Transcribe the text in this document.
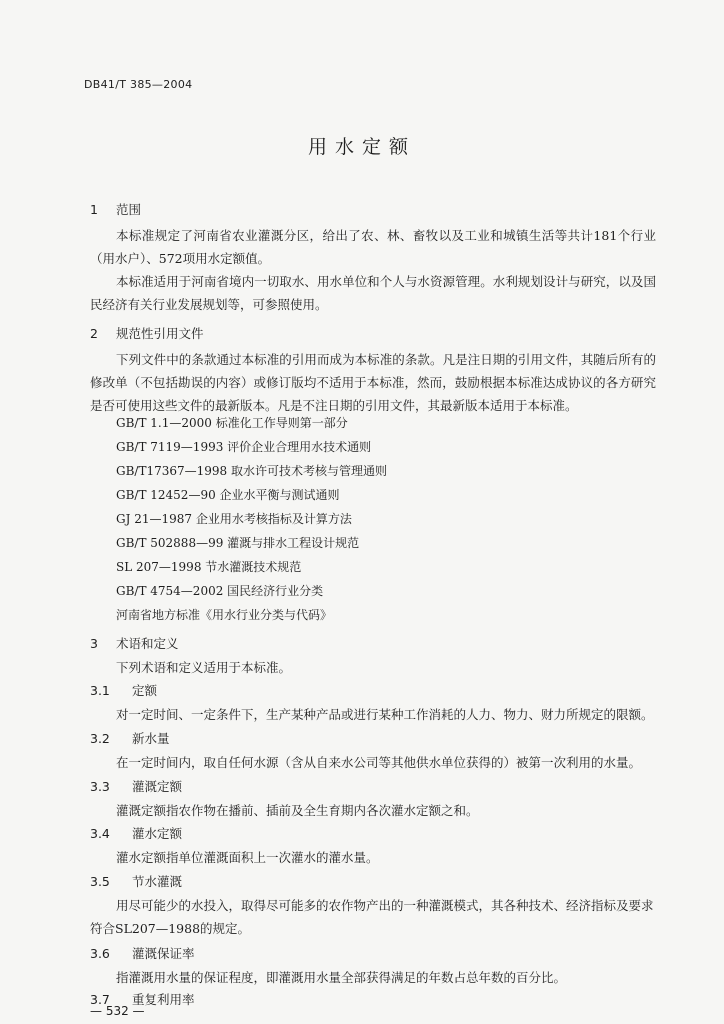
DB41/T 385—2004
用水定额
1 范围
本标准规定了河南省农业灌溉分区，给出了农、林、畜牧以及工业和城镇生活等共计181个行业（用水户）、572项用水定额值。
本标准适用于河南省境内一切取水、用水单位和个人与水资源管理。水利规划设计与研究，以及国民经济有关行业发展规划等，可参照使用。
2 规范性引用文件
下列文件中的条款通过本标准的引用而成为本标准的条款。凡是注日期的引用文件，其随后所有的修改单（不包括勘误的内容）或修订版均不适用于本标准，然而，鼓励根据本标准达成协议的各方研究是否可使用这些文件的最新版本。凡是不注日期的引用文件，其最新版本适用于本标准。
GB/T 1.1—2000 标准化工作导则第一部分
GB/T 7119—1993 评价企业合理用水技术通则
GB/T17367—1998 取水许可技术考核与管理通则
GB/T 12452—90 企业水平衡与测试通则
GJ 21—1987 企业用水考核指标及计算方法
GB/T 502888—99 灌溉与排水工程设计规范
SL 207—1998 节水灌溉技术规范
GB/T 4754—2002 国民经济行业分类
河南省地方标准《用水行业分类与代码》
3 术语和定义
下列术语和定义适用于本标准。
3.1 定额
对一定时间、一定条件下，生产某种产品或进行某种工作消耗的人力、物力、财力所规定的限额。
3.2 新水量
在一定时间内，取自任何水源（含从自来水公司等其他供水单位获得的）被第一次利用的水量。
3.3 灌溉定额
灌溉定额指农作物在播前、插前及全生育期内各次灌水定额之和。
3.4 灌水定额
灌水定额指单位灌溉面积上一次灌水的灌水量。
3.5 节水灌溉
用尽可能少的水投入，取得尽可能多的农作物产出的一种灌溉模式，其各种技术、经济指标及要求符合SL207—1988的规定。
3.6 灌溉保证率
指灌溉用水量的保证程度，即灌溉用水量全部获得满足的年数占总年数的百分比。
3.7 重复利用率
— 532 —
